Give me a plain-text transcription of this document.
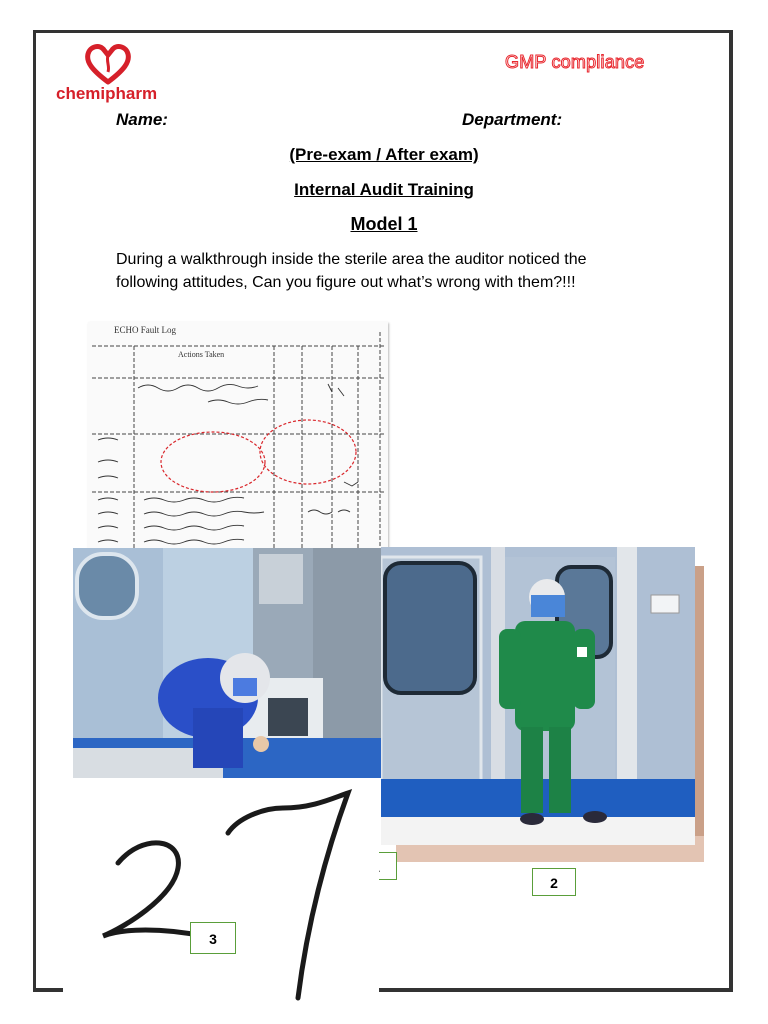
chemipharm
GMP compliance
Name:	Department:
(Pre-exam / After exam)
Internal Audit Training
Model 1
During a walkthrough inside the sterile area the auditor noticed the following attitudes, Can you figure out what’s wrong with them?!!!
ECHO Fault Log
Actions Taken
2
3
